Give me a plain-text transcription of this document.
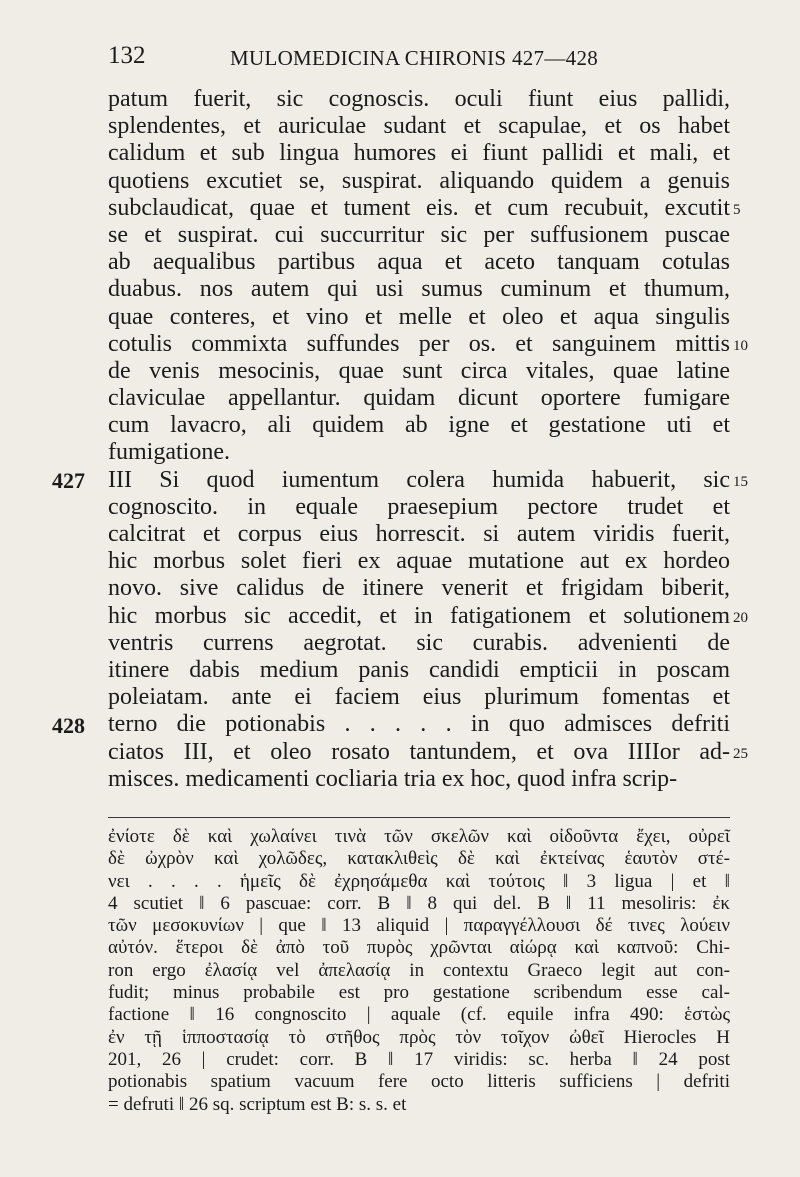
132	MULOMEDICINA CHIRONIS 427—428
patum fuerit, sic cognoscis. oculi fiunt eius pallidi,
splendentes, et auriculae sudant et scapulae, et os habet
calidum et sub lingua humores ei fiunt pallidi et mali, et
quotiens excutiet se, suspirat. aliquando quidem a genuis
subclaudicat, quae et tument eis. et cum recubuit, excutit
se et suspirat. cui succurritur sic per suffusionem puscae
ab aequalibus partibus aqua et aceto tanquam cotulas
duabus. nos autem qui usi sumus cuminum et thumum,
quae conteres, et vino et melle et oleo et aqua singulis
cotulis commixta suffundes per os. et sanguinem mittis
de venis mesocinis, quae sunt circa vitales, quae latine
claviculae appellantur. quidam dicunt oportere fumigare
cum lavacro, ali quidem ab igne et gestatione uti et
fumigatione.
III Si quod iumentum colera humida habuerit, sic
cognoscito. in equale praesepium pectore trudet et
calcitrat et corpus eius horrescit. si autem viridis fuerit,
hic morbus solet fieri ex aquae mutatione aut ex hordeo
novo. sive calidus de itinere venerit et frigidam biberit,
hic morbus sic accedit, et in fatigationem et solutionem
ventris currens aegrotat. sic curabis. advenienti de
itinere dabis medium panis candidi empticii in poscam
poleiatam. ante ei faciem eius plurimum fomentas et
terno die potionabis . . . . . in quo admisces defriti
ciatos III, et oleo rosato tantundem, et ova IIIIor ad-
misces. medicamenti cocliaria tria ex hoc, quod infra scrip-
5
10
15
20
25
427
428
ἐνίοτε δὲ καὶ χωλαίνει τινὰ τῶν σκελῶν καὶ οἰδοῦντα ἔχει, οὐρεῖ
δὲ ὠχρὸν καὶ χολῶδες, κατακλιθεὶς δὲ καὶ ἐκτείνας ἑαυτὸν στέ-
νει . . . . ἡμεῖς δὲ ἐχρησάμεθα καὶ τούτοις ‖ 3 ligua | et ‖
4 scutiet ‖ 6 pascuae: corr. B ‖ 8 qui del. B ‖ 11 mesoliris: ἐκ
τῶν μεσοκυνίων | que ‖ 13 aliquid | παραγγέλλουσι δέ τινες λούειν
αὐτόν. ἕτεροι δὲ ἀπὸ τοῦ πυρὸς χρῶνται αἰώρᾳ καὶ καπνοῦ: Chi-
ron ergo ἐλασίᾳ vel ἀπελασίᾳ in contextu Graeco legit aut con-
fudit; minus probabile est pro gestatione scribendum esse cal-
factione ‖ 16 congnoscito | aquale (cf. equile infra 490: ἑστὼς
ἐν τῇ ἱπποστασίᾳ τὸ στῆθος πρὸς τὸν τοῖχον ὠθεῖ Hierocles H
201, 26 | crudet: corr. B ‖ 17 viridis: sc. herba ‖ 24 post
potionabis spatium vacuum fere octo litteris sufficiens | defriti
= defruti ‖ 26 sq. scriptum est B: s. s. et
